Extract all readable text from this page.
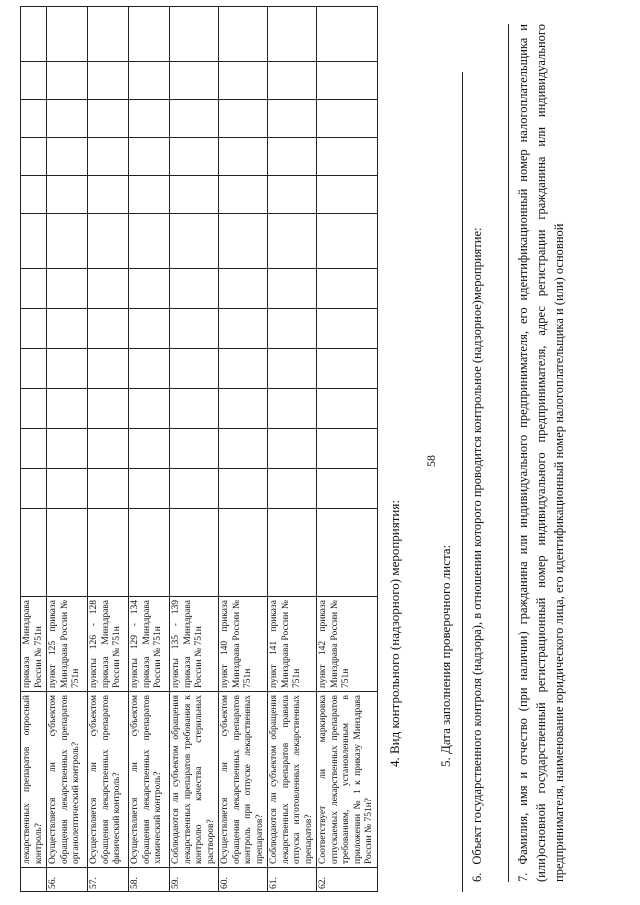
58
	лекарственных препаратов опросный контроль?	приказа Минздрава России № 751н													
56.	Осуществляется ли субъектом обращения лекарственных препаратов органолептический контроль?	пункт 125 приказа Минздрава России № 751н													
57.	Осуществляется ли субъектом обращения лекарственных препаратов физический контроль?	пункты 126 - 128 приказа Минздрава России № 751н													
58.	Осуществляется ли субъектом обращения лекарственных препаратов химический контроль?	пункты 129 - 134 приказа Минздрава России № 751н													
59.	Соблюдаются ли субъектом обращения лекарственных препаратов требования к контролю качества стерильных растворов?	пункты 135 - 139 приказа Минздрава России № 751н													
60.	Осуществляется ли субъектом обращения лекарственных препаратов контроль при отпуске лекарственных препаратов?	пункт 140 приказа Минздрава России № 751н													
61.	Соблюдаются ли субъектом обращения лекарственных препаратов правила отпуска изготовленных лекарственных препаратов?	пункт 141 приказа Минздрава России № 751н													
62.	Соответствует ли маркировка отпускаемых лекарственных препаратов требованиям, установленным в приложении № 1 к приказу Минздрава России № 751н?	пункт 142 приказа Минздрава России № 751н														4. Вид контрольного (надзорного) мероприятия:	5. Дата заполнения проверочного листа:
6.Объект государственного контроля (надзора), в отношении которого проводится контрольное (надзорное)мероприятие:
7.Фамилия, имя и отчество (при наличии) гражданина или индивидуального предпринимателя, его идентификационный номер налогоплательщика и (или)основной государственный регистрационный номер индивидуального предпринимателя, адрес регистрации гражданина или индивидуального предпринимателя, наименование юридического лица, его идентификационный номер налогоплательщика и (или) основной
